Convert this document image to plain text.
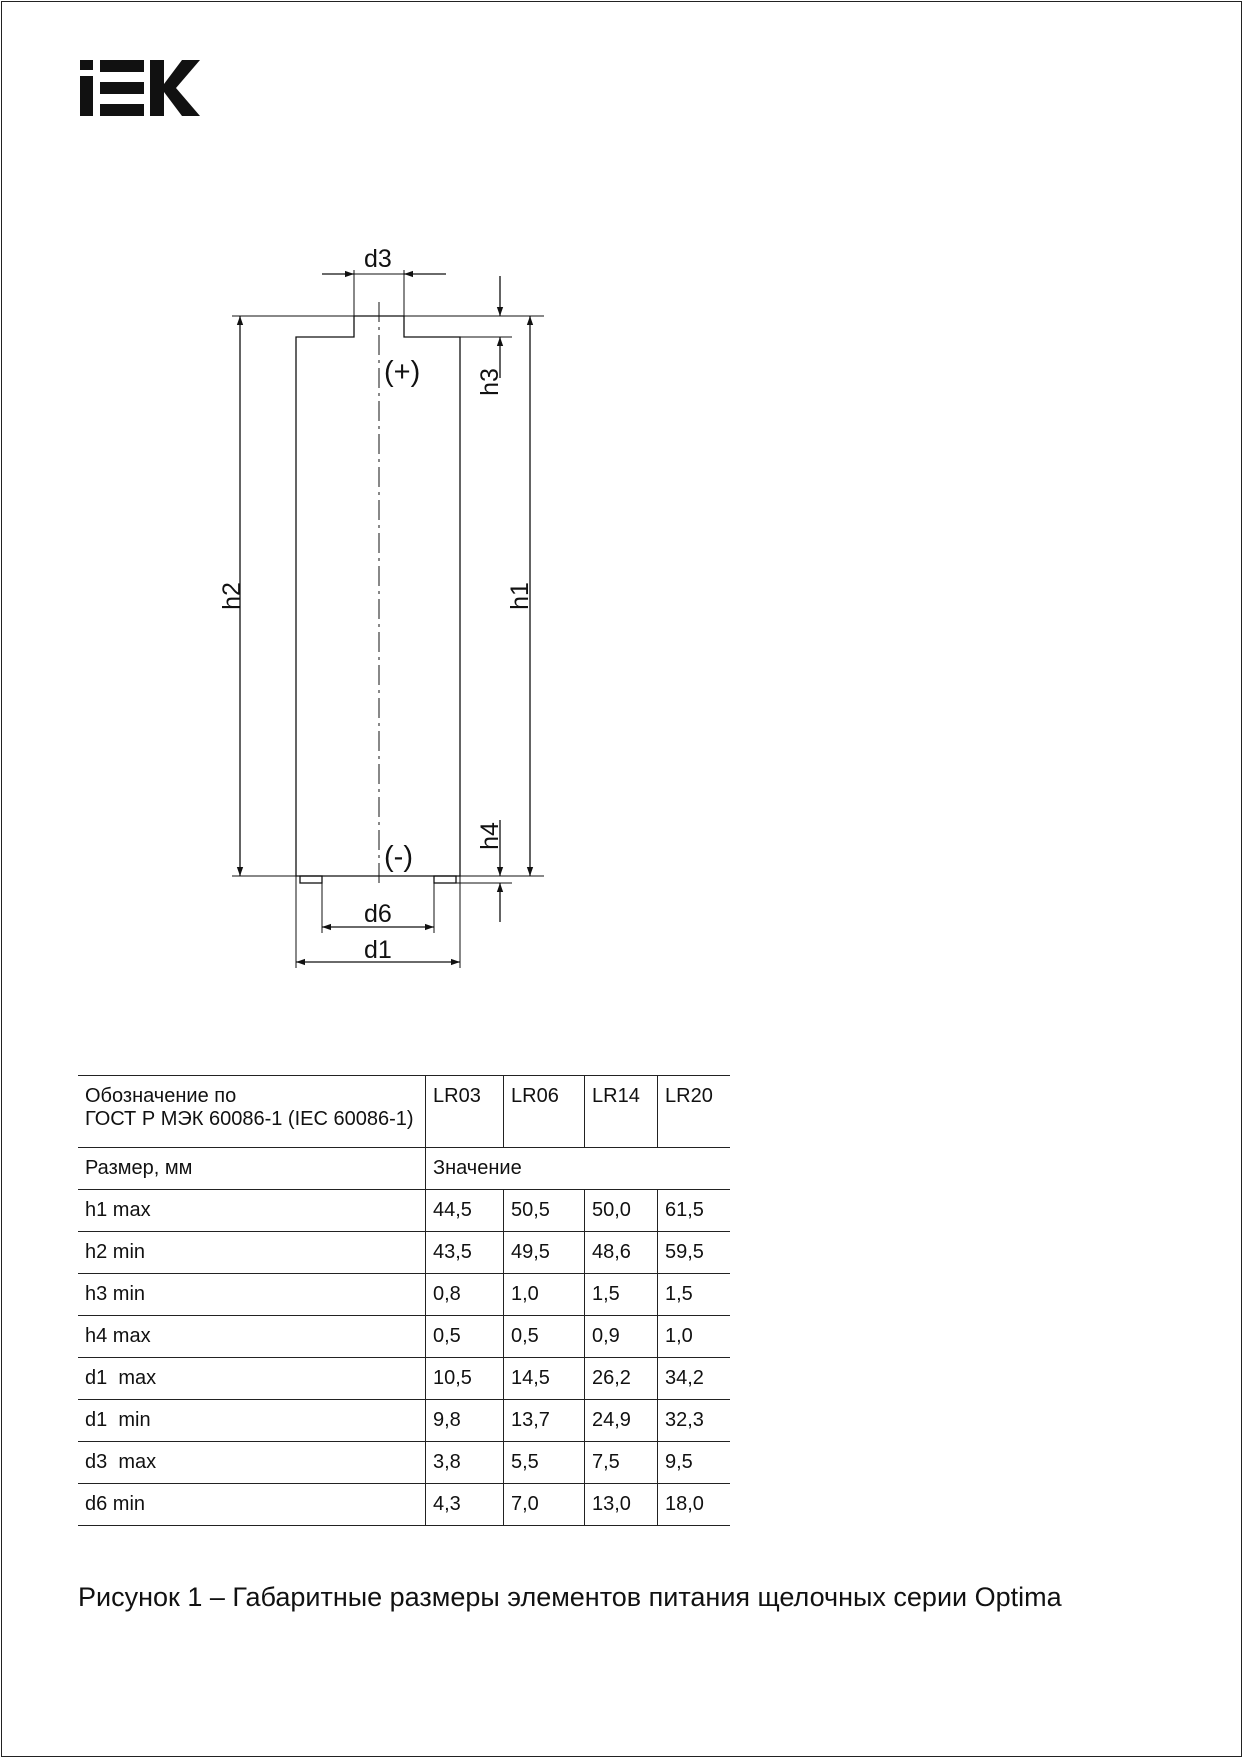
d3
d6
d1
h2	h1
h3
h4
(+)
(-)
Обозначение по
ГОСТ Р МЭК 60086-1 (IEC 60086-1)	LR03	LR06	LR14	LR20
Размер, мм	Значение			
h1 max	44,5	50,5	50,0	61,5
h2 min	43,5	49,5	48,6	59,5
h3 min	0,8	1,0	1,5	1,5
h4 max	0,5	0,5	0,9	1,0
d1  max	10,5	14,5	26,2	34,2
d1  min	9,8	13,7	24,9	32,3
d3  max	3,8	5,5	7,5	9,5
d6 min	4,3	7,0	13,0	18,0
Рисунок 1 – Габаритные размеры элементов питания щелочных серии Optima
